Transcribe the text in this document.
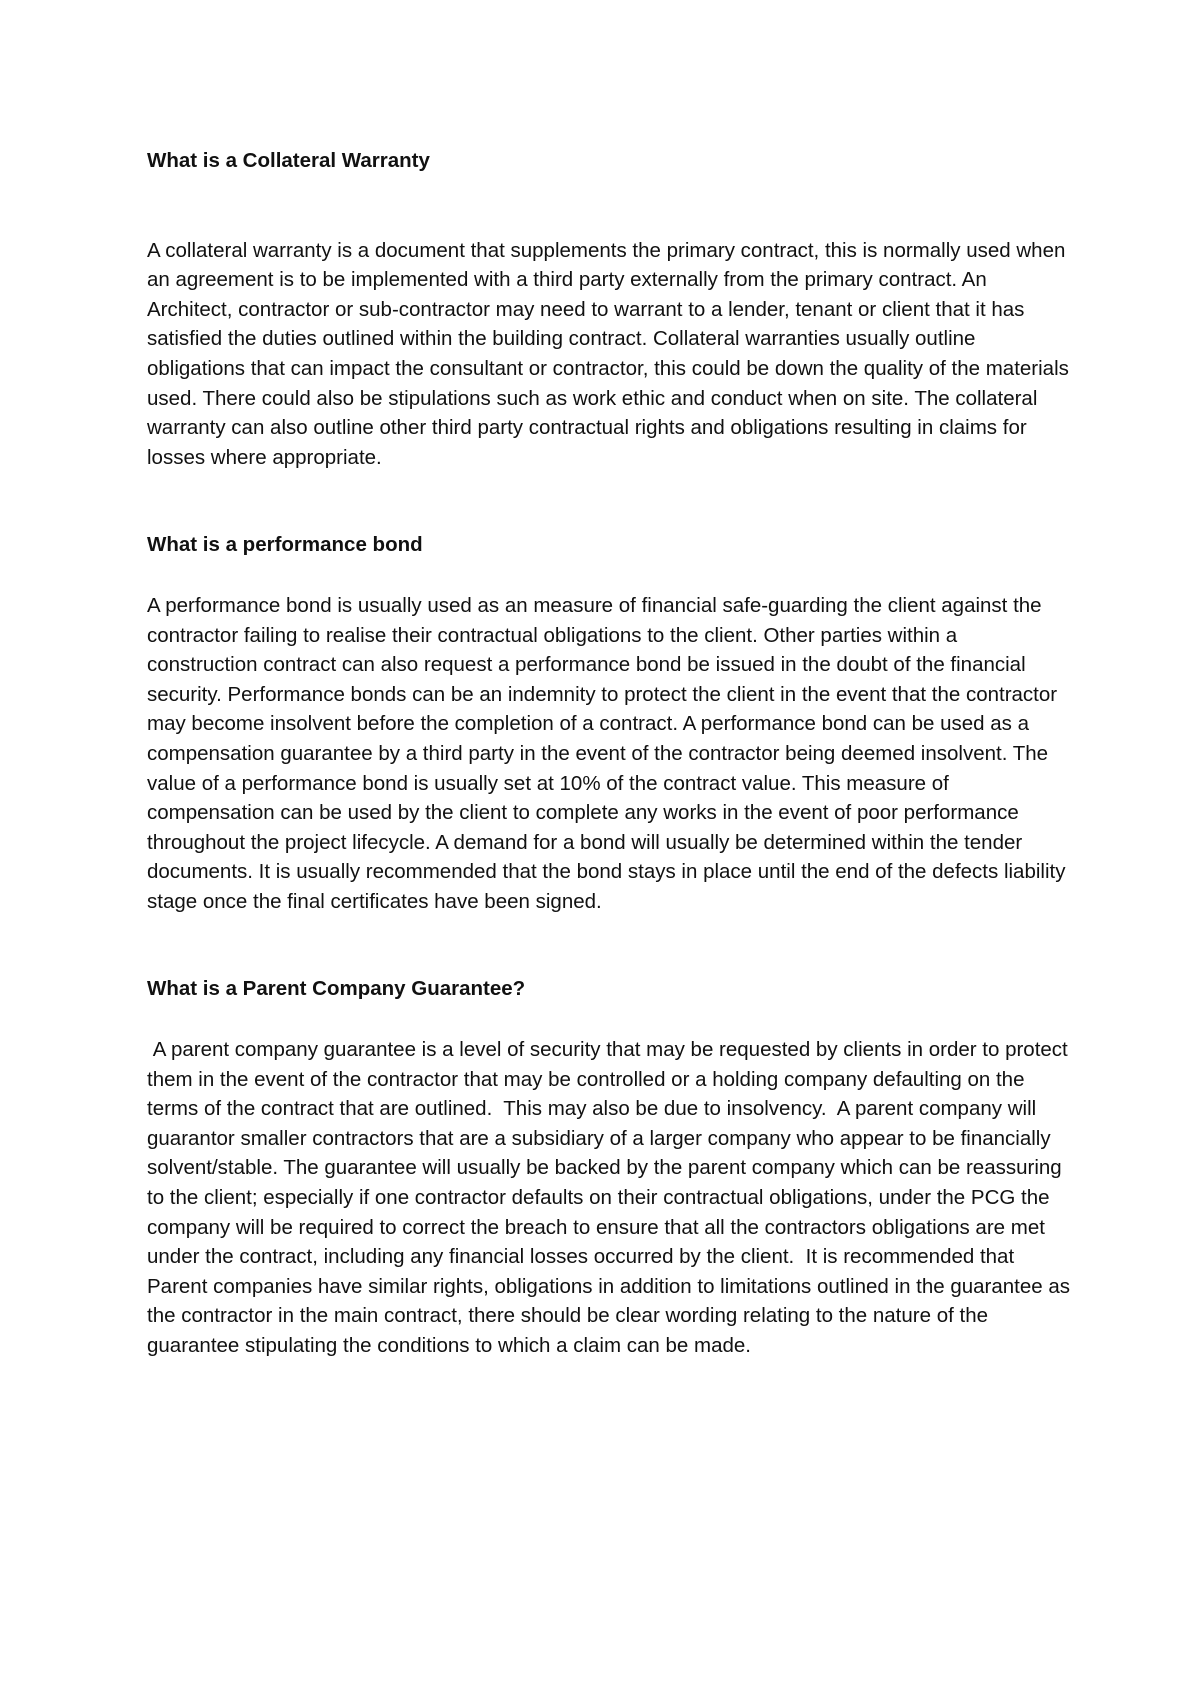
What is a Collateral Warranty

A collateral warranty is a document that supplements the primary contract, this is normally used when an agreement is to be implemented with a third party externally from the primary contract. An Architect, contractor or sub-contractor may need to warrant to a lender, tenant or client that it has satisfied the duties outlined within the building contract. Collateral warranties usually outline obligations that can impact the consultant or contractor, this could be down the quality of the materials used. There could also be stipulations such as work ethic and conduct when on site. The collateral warranty can also outline other third party contractual rights and obligations resulting in claims for losses where appropriate.

What is a performance bond

A performance bond is usually used as an measure of financial safe-guarding the client against the contractor failing to realise their contractual obligations to the client. Other parties within a construction contract can also request a performance bond be issued in the doubt of the financial security. Performance bonds can be an indemnity to protect the client in the event that the contractor may become insolvent before the completion of a contract. A performance bond can be used as a compensation guarantee by a third party in the event of the contractor being deemed insolvent. The value of a performance bond is usually set at 10% of the contract value. This measure of compensation can be used by the client to complete any works in the event of poor performance throughout the project lifecycle. A demand for a bond will usually be determined within the tender documents. It is usually recommended that the bond stays in place until the end of the defects liability stage once the final certificates have been signed.

What is a Parent Company Guarantee?

A parent company guarantee is a level of security that may be requested by clients in order to protect them in the event of the contractor that may be controlled or a holding company defaulting on the terms of the contract that are outlined.  This may also be due to insolvency.  A parent company will guarantor smaller contractors that are a subsidiary of a larger company who appear to be financially solvent/stable. The guarantee will usually be backed by the parent company which can be reassuring to the client; especially if one contractor defaults on their contractual obligations, under the PCG the company will be required to correct the breach to ensure that all the contractors obligations are met under the contract, including any financial losses occurred by the client.  It is recommended that Parent companies have similar rights, obligations in addition to limitations outlined in the guarantee as the contractor in the main contract, there should be clear wording relating to the nature of the guarantee stipulating the conditions to which a claim can be made.
